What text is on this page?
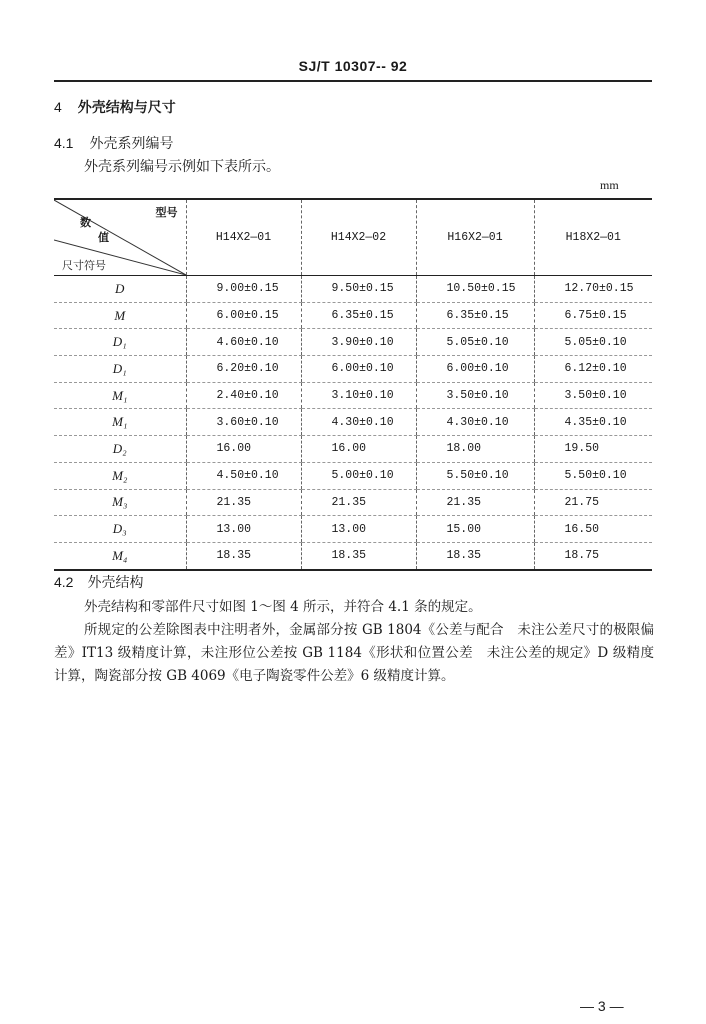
SJ/T 10307-- 92
4 外壳结构与尺寸
4.1 外壳系列编号
外壳系列编号示例如下表所示。
mm
型号
数
值
尺寸符号	H14X2—01	H14X2—02	H16X2—01	H18X2—01
D	9.00±0.15	9.50±0.15	10.50±0.15	12.70±0.15
M	6.00±0.15	6.35±0.15	6.35±0.15	6.75±0.15
D₁	4.60±0.10	3.90±0.10	5.05±0.10	5.05±0.10
D₁	6.20±0.10	6.00±0.10	6.00±0.10	6.12±0.10
M₁	2.40±0.10	3.10±0.10	3.50±0.10	3.50±0.10
M₁	3.60±0.10	4.30±0.10	4.30±0.10	4.35±0.10
D₂	16.00	16.00	18.00	19.50
M₂	4.50±0.10	5.00±0.10	5.50±0.10	5.50±0.10
M₃	21.35	21.35	21.35	21.75
D₃	13.00	13.00	15.00	16.50
M₄	18.35	18.35	18.35	18.75
4.2 外壳结构
外壳结构和零部件尺寸如图 1～图 4 所示，并符合 4.1 条的规定。
所规定的公差除图表中注明者外，金属部分按 GB 1804《公差与配合　未注公差尺寸的极限偏差》IT13 级精度计算，未注形位公差按 GB 1184《形状和位置公差　未注公差的规定》D 级精度计算，陶瓷部分按 GB 4069《电子陶瓷零件公差》6 级精度计算。
— 3 —
